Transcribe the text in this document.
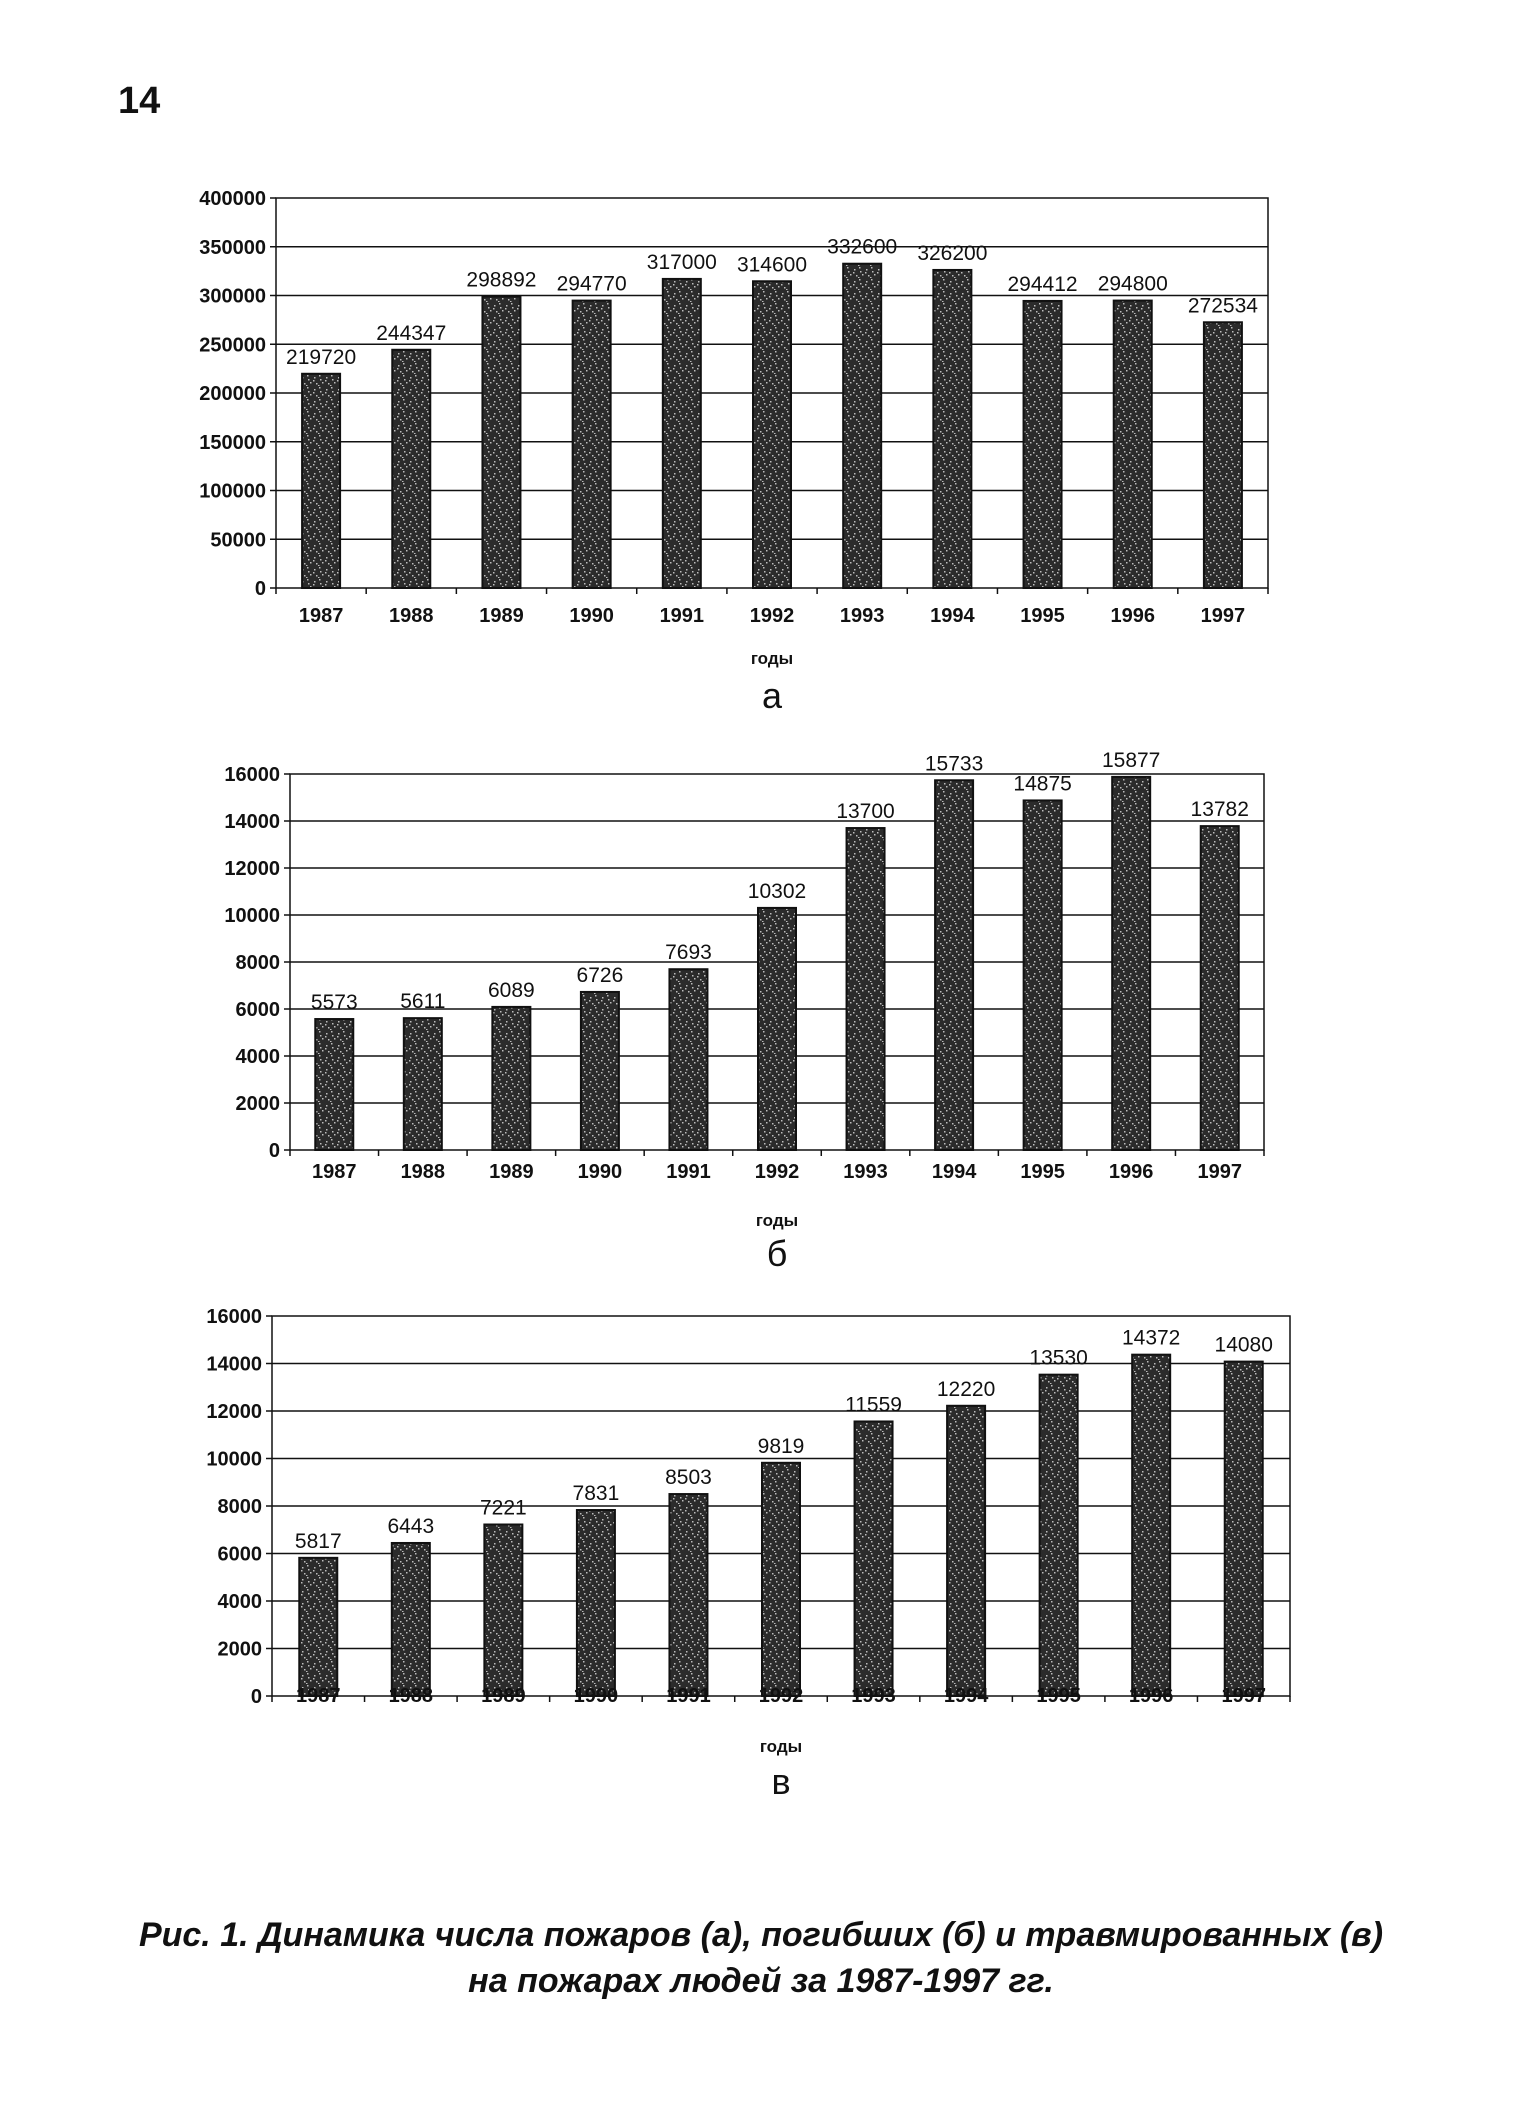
14
0
50000
100000
150000
200000
250000
300000
350000
400000
219720
1987
244347
1988
298892
1989
294770
1990
317000
1991
314600
1992
332600
1993
326200
1994
294412
1995
294800
1996
272534
1997
годы
а
0
2000
4000
6000
8000
10000
12000
14000
16000
5573
1987
5611
1988
6089
1989
6726
1990
7693
1991
10302
1992
13700
1993
15733
1994
14875
1995
15877
1996
13782
1997
годы
б
0
2000
4000
6000
8000
10000
12000
14000
16000
5817
1987
6443
1988
7221
1989
7831
1990
8503
1991
9819
1992
11559
1993
12220
1994
13530
1995
14372
1996
14080
1997
годы
в
Рис. 1. Динамика числа пожаров (а), погибших (б) и травмированных (в)
на пожарах людей за 1987-1997 гг.
